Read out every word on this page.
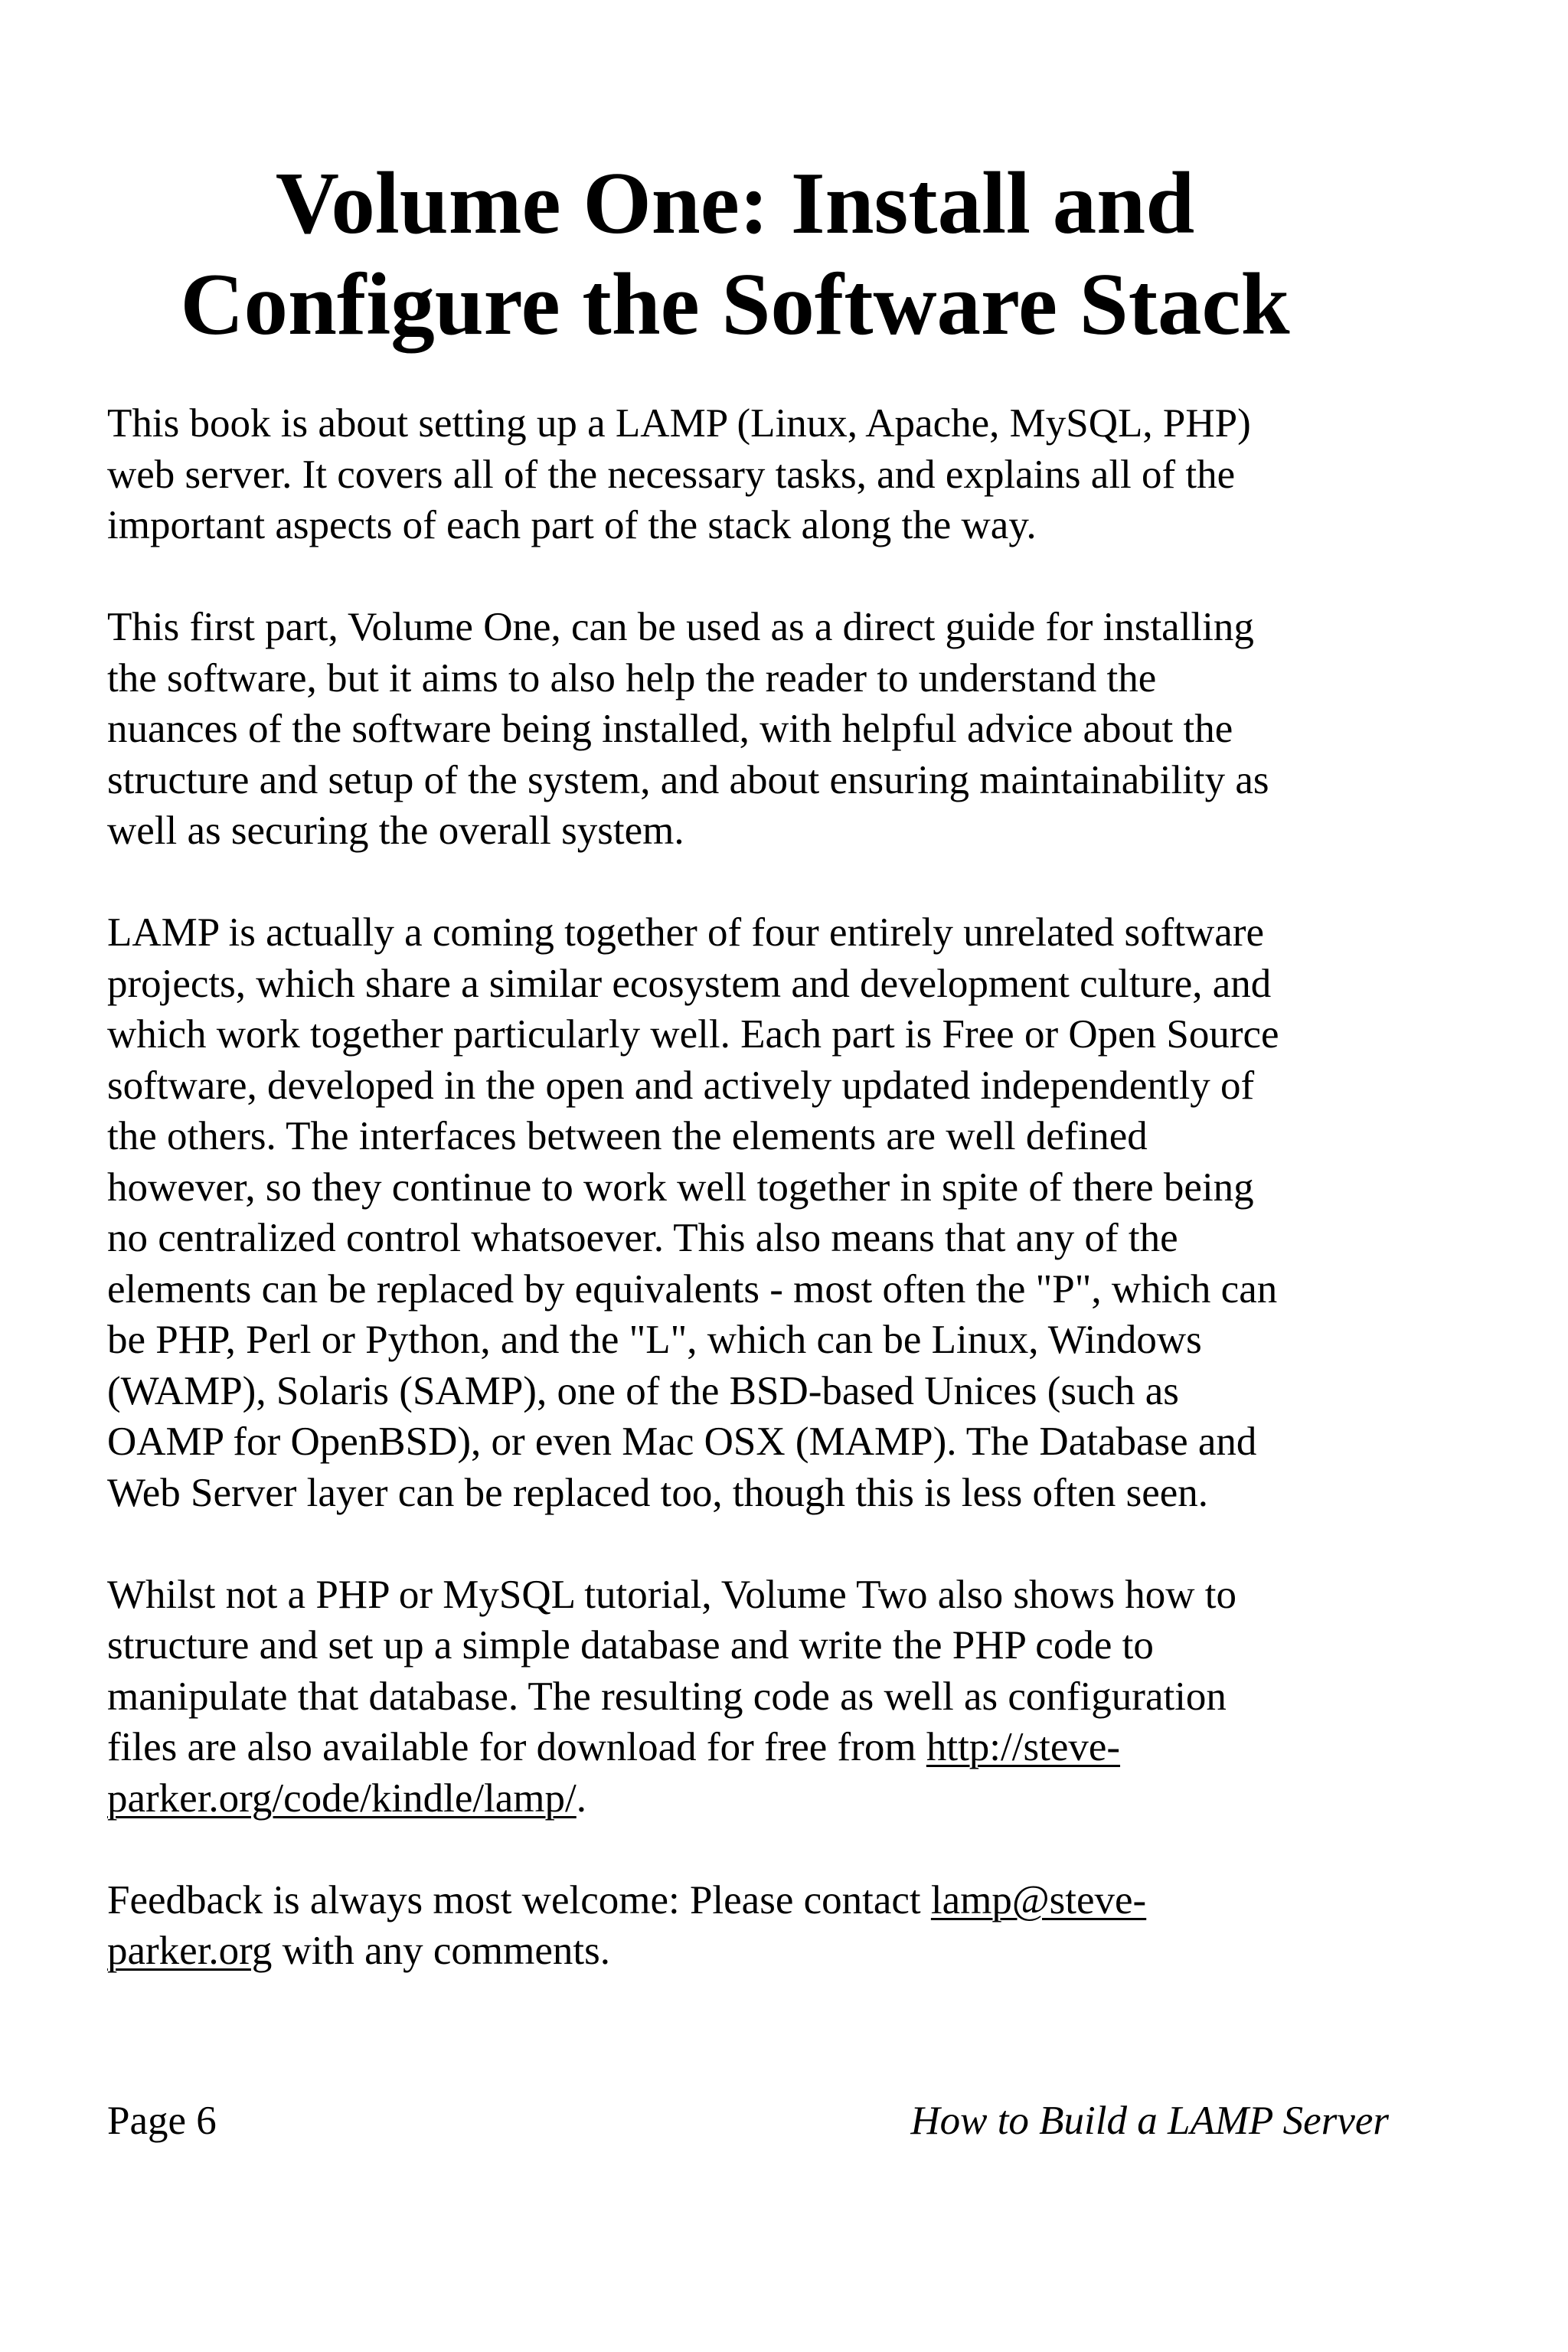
Volume One: Install and
Configure the Software Stack

This book is about setting up a LAMP (Linux, Apache, MySQL, PHP)
web server. It covers all of the necessary tasks, and explains all of the
important aspects of each part of the stack along the way.

This first part, Volume One, can be used as a direct guide for installing
the software, but it aims to also help the reader to understand the
nuances of the software being installed, with helpful advice about the
structure and setup of the system, and about ensuring maintainability as
well as securing the overall system.

LAMP is actually a coming together of four entirely unrelated software
projects, which share a similar ecosystem and development culture, and
which work together particularly well. Each part is Free or Open Source
software, developed in the open and actively updated independently of
the others. The interfaces between the elements are well defined
however, so they continue to work well together in spite of there being
no centralized control whatsoever. This also means that any of the
elements can be replaced by equivalents - most often the "P", which can
be PHP, Perl or Python, and the "L", which can be Linux, Windows
(WAMP), Solaris (SAMP), one of the BSD-based Unices (such as
OAMP for OpenBSD), or even Mac OSX (MAMP). The Database and
Web Server layer can be replaced too, though this is less often seen.

Whilst not a PHP or MySQL tutorial, Volume Two also shows how to
structure and set up a simple database and write the PHP code to
manipulate that database. The resulting code as well as configuration
files are also available for download for free from http://steve-
parker.org/code/kindle/lamp/.

Feedback is always most welcome: Please contact lamp@steve-
parker.org with any comments.

Page 6	How to Build a LAMP Server
